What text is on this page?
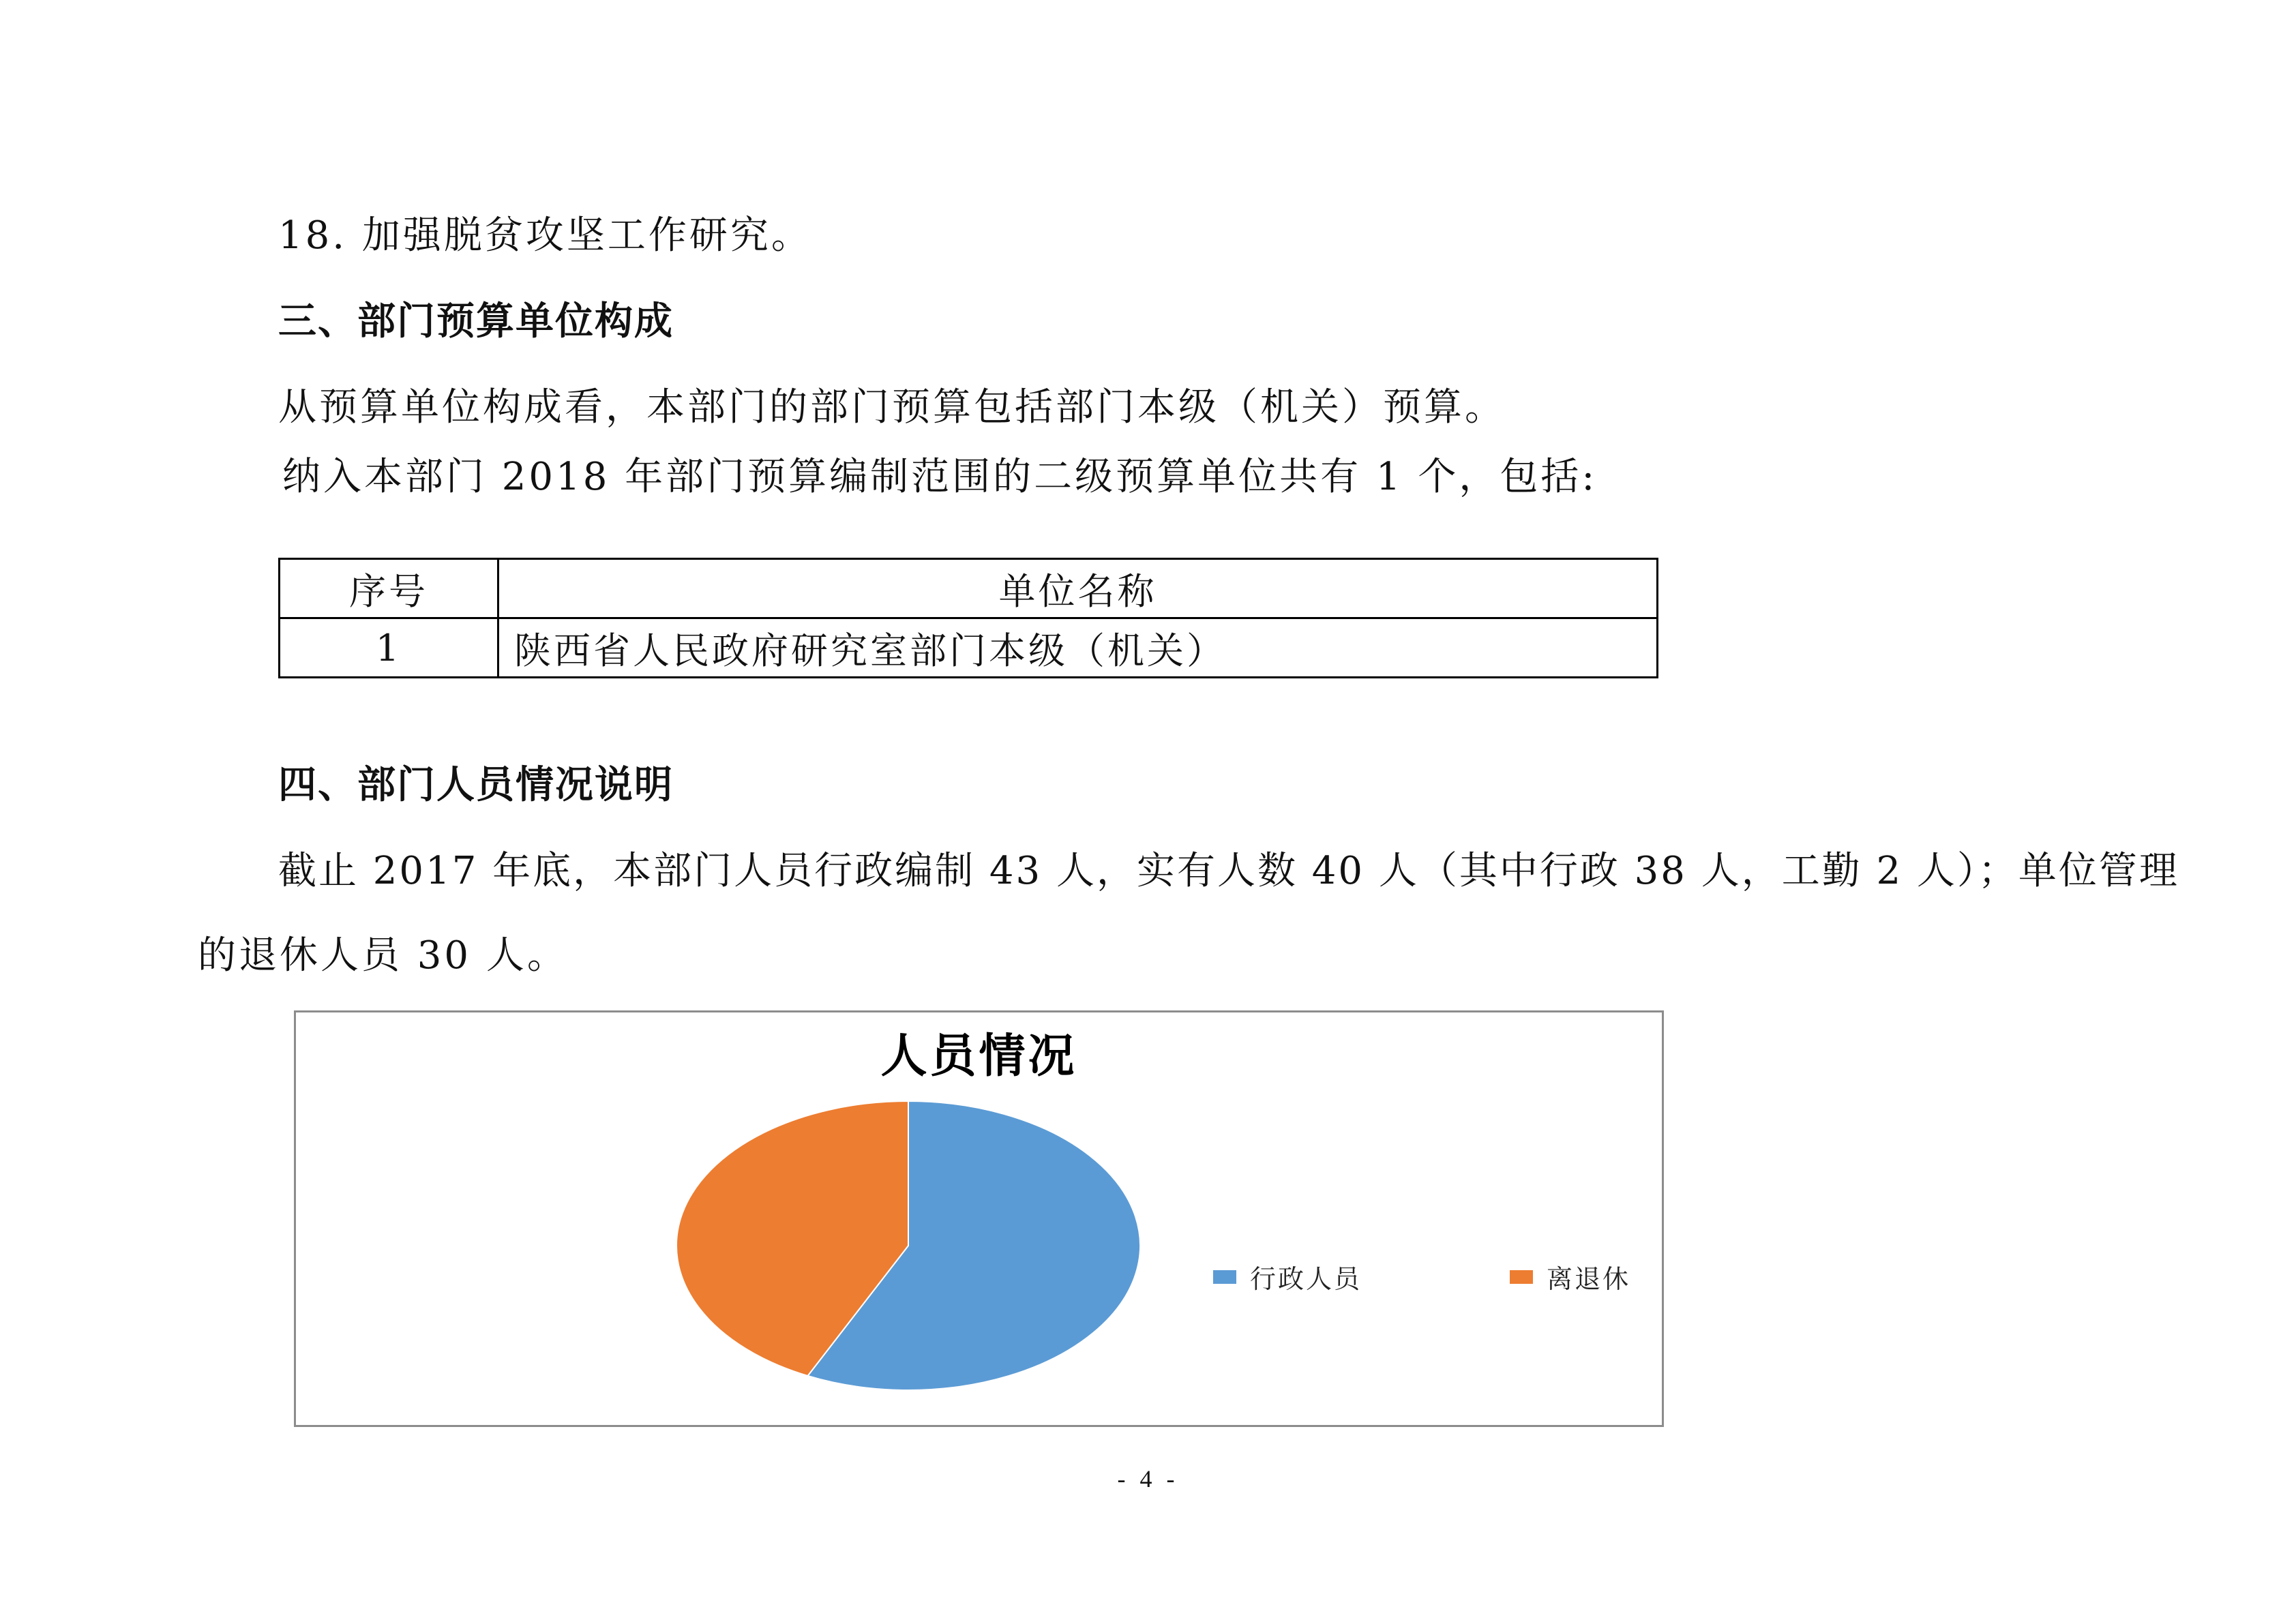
18. 加强脱贫攻坚工作研究。
三、部门预算单位构成
从预算单位构成看，本部门的部门预算包括部门本级（机关）预算。
纳入本部门 2018 年部门预算编制范围的二级预算单位共有 1 个，包括:
序号	单位名称
1	陕西省人民政府研究室部门本级（机关）
四、部门人员情况说明
截止 2017 年底，本部门人员行政编制 43 人，实有人数 40 人（其中行政 38 人，工勤 2 人）；单位管理
的退休人员 30 人。
人员情况
行政人员	离退休
- 4 -
